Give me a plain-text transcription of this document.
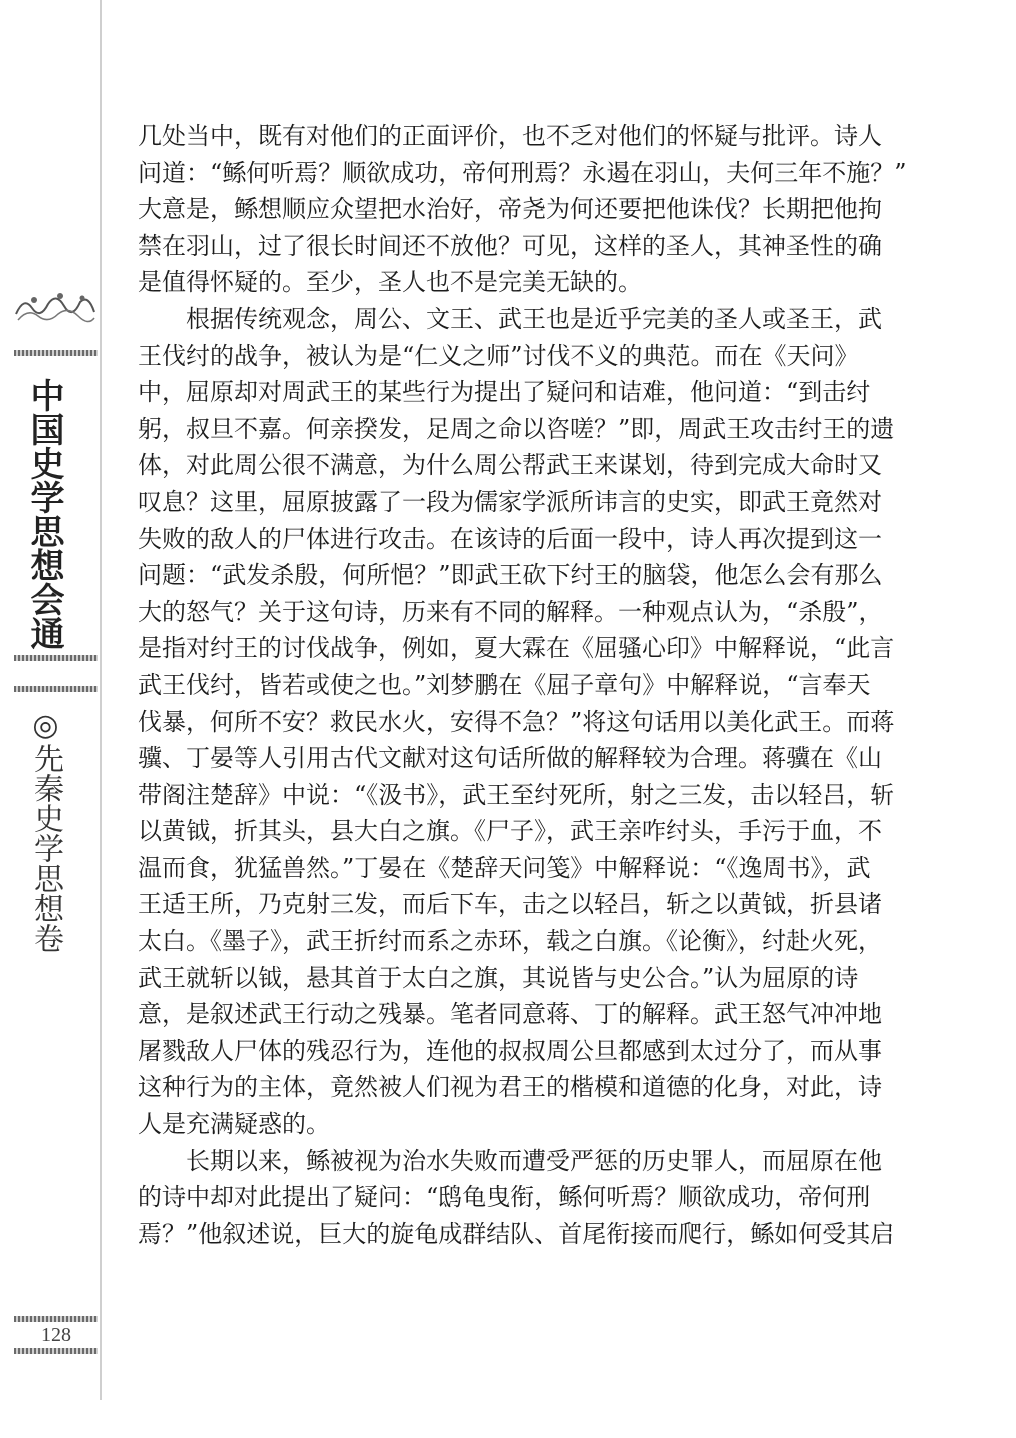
中国史学思想会通
◎先秦史学思想卷
128

几处当中，既有对他们的正面评价，也不乏对他们的怀疑与批评。诗人
问道：“鲧何听焉？顺欲成功，帝何刑焉？永遏在羽山，夫何三年不施？”
大意是，鲧想顺应众望把水治好，帝尧为何还要把他诛伐？长期把他拘
禁在羽山，过了很长时间还不放他？可见，这样的圣人，其神圣性的确
是值得怀疑的。至少，圣人也不是完美无缺的。

根据传统观念，周公、文王、武王也是近乎完美的圣人或圣王，武
王伐纣的战争，被认为是“仁义之师”讨伐不义的典范。而在《天问》
中，屈原却对周武王的某些行为提出了疑问和诘难，他问道：“到击纣
躬，叔旦不嘉。何亲揆发，足周之命以咨嗟？”即，周武王攻击纣王的遗
体，对此周公很不满意，为什么周公帮武王来谋划，待到完成大命时又
叹息？这里，屈原披露了一段为儒家学派所讳言的史实，即武王竟然对
失败的敌人的尸体进行攻击。在该诗的后面一段中，诗人再次提到这一
问题：“武发杀殷，何所悒？”即武王砍下纣王的脑袋，他怎么会有那么
大的怒气？关于这句诗，历来有不同的解释。一种观点认为，“杀殷”，
是指对纣王的讨伐战争，例如，夏大霖在《屈骚心印》中解释说，“此言
武王伐纣，皆若或使之也。”刘梦鹏在《屈子章句》中解释说，“言奉天
伐暴，何所不安？救民水火，安得不急？”将这句话用以美化武王。而蒋
骥、丁晏等人引用古代文献对这句话所做的解释较为合理。蒋骥在《山
带阁注楚辞》中说：“《汲书》，武王至纣死所，射之三发，击以轻吕，斩
以黄钺，折其头，县大白之旗。《尸子》，武王亲咋纣头，手污于血，不
温而食，犹猛兽然。”丁晏在《楚辞天问笺》中解释说：“《逸周书》，武
王适王所，乃克射三发，而后下车，击之以轻吕，斩之以黄钺，折县诸
太白。《墨子》，武王折纣而系之赤环，载之白旗。《论衡》，纣赴火死，
武王就斩以钺，悬其首于太白之旗，其说皆与史公合。”认为屈原的诗
意，是叙述武王行动之残暴。笔者同意蒋、丁的解释。武王怒气冲冲地
屠戮敌人尸体的残忍行为，连他的叔叔周公旦都感到太过分了，而从事
这种行为的主体，竟然被人们视为君王的楷模和道德的化身，对此，诗
人是充满疑惑的。

长期以来，鲧被视为治水失败而遭受严惩的历史罪人，而屈原在他
的诗中却对此提出了疑问：“鸱龟曳衔，鲧何听焉？顺欲成功，帝何刑
焉？”他叙述说，巨大的旋龟成群结队、首尾衔接而爬行，鲧如何受其启
